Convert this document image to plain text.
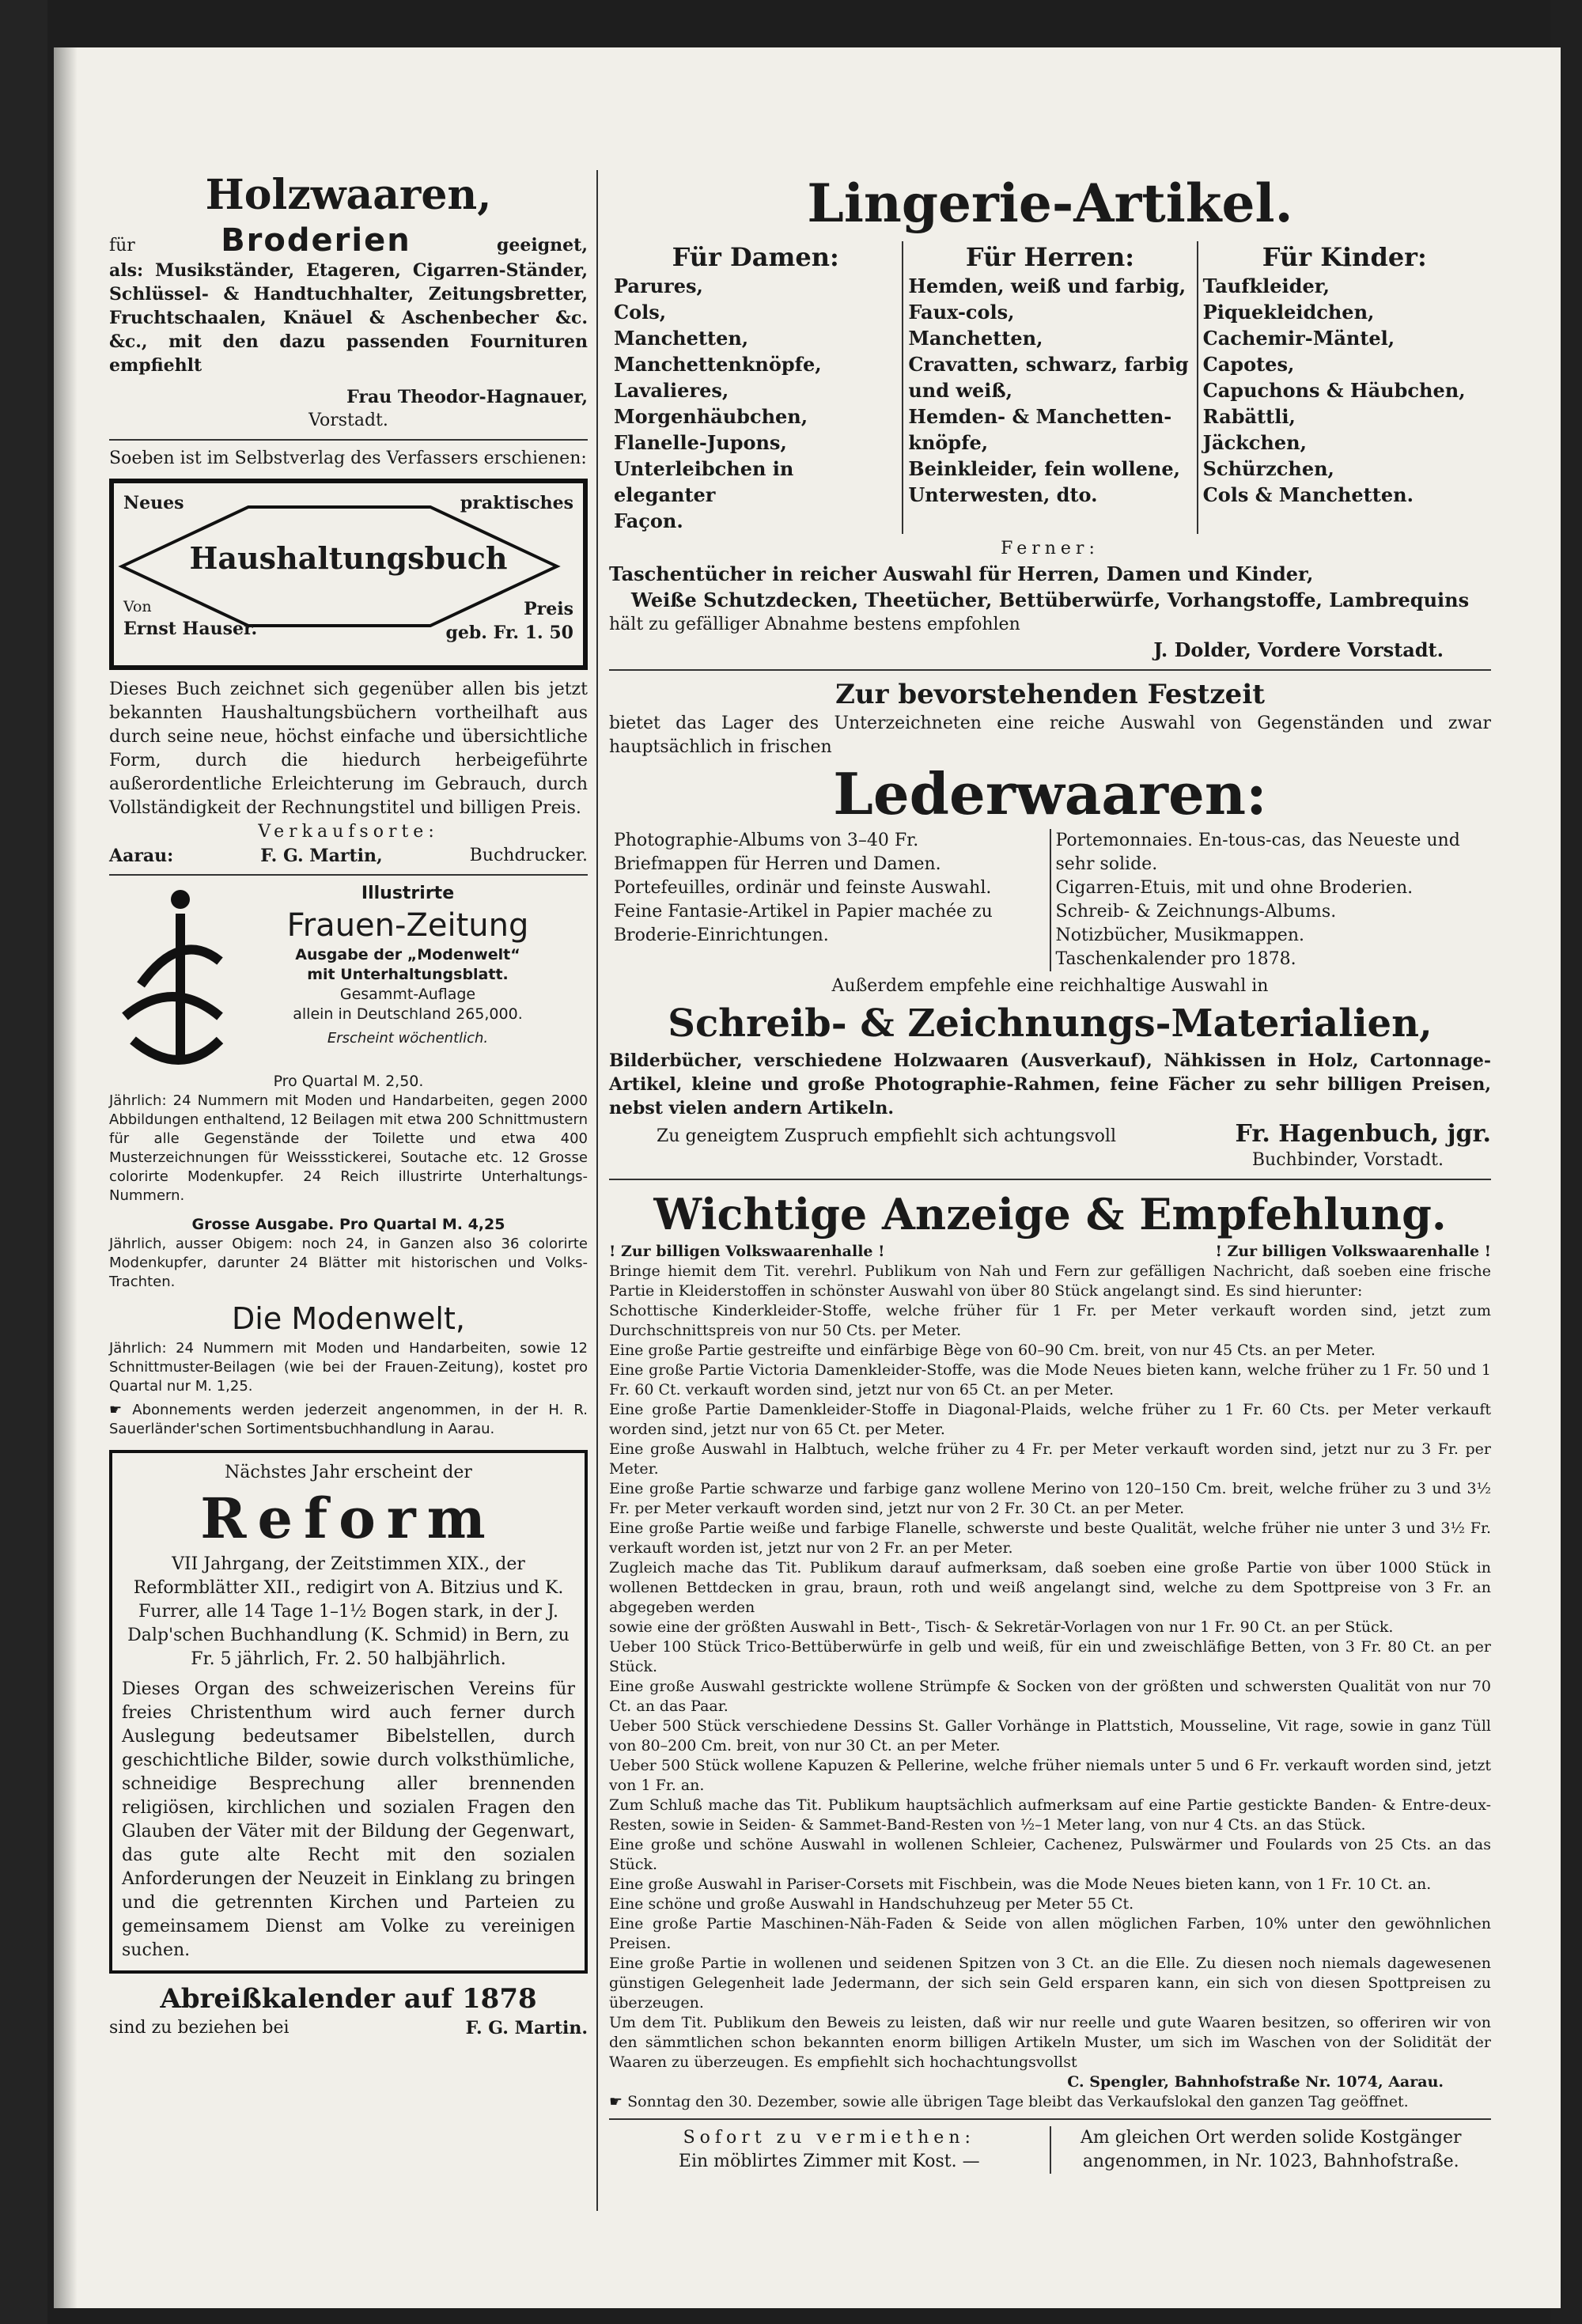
Holzwaaren,

für	Broderien	geeignet,

als: Musikständer, Etageren, Cigarren-Ständer, Schlüssel- & Handtuchhalter, Zeitungsbretter, Fruchtschaalen, Knäuel & Aschenbecher &c. &c., mit den dazu passenden Fournituren empfiehlt

Frau Theodor-Hagnauer,

Vorstadt.

Soeben ist im Selbstverlag des Verfassers erschienen:

Neues	praktisches

Haushaltungsbuch

Von

Ernst Hauser.

Preis

geb. Fr. 1. 50

Dieses Buch zeichnet sich gegenüber allen bis jetzt bekannten Haushaltungsbüchern vortheilhaft aus durch seine neue, höchst einfache und übersichtliche Form, durch die hiedurch herbeigeführte außerordentliche Erleichterung im Gebrauch, durch Vollständigkeit der Rechnungstitel und billigen Preis.

Verkaufsorte:

Aarau:	F. G. Martin,	Buchdrucker.

Illustrirte

Frauen-Zeitung

Ausgabe der „Modenwelt“

mit Unterhaltungsblatt.

Gesammt-Auflage

allein in Deutschland 265,000.

Erscheint wöchentlich.

Pro Quartal M. 2,50.

Jährlich: 24 Nummern mit Moden und Handarbeiten, gegen 2000 Abbildungen enthaltend, 12 Beilagen mit etwa 200 Schnittmustern für alle Gegenstände der Toilette und etwa 400 Musterzeichnungen für Weissstickerei, Soutache etc. 12 Grosse colorirte Modenkupfer. 24 Reich illustrirte Unterhaltungs-Nummern.

Grosse Ausgabe. Pro Quartal M. 4,25

Jährlich, ausser Obigem: noch 24, in Ganzen also 36 colorirte Modenkupfer, darunter 24 Blätter mit historischen und Volks-Trachten.

Die Modenwelt,

Jährlich: 24 Nummern mit Moden und Handarbeiten, sowie 12 Schnittmuster-Beilagen (wie bei der Frauen-Zeitung), kostet pro Quartal nur M. 1,25.

☛ Abonnements werden jederzeit angenommen, in der H. R. Sauerländer'schen Sortimentsbuchhandlung in Aarau.

Nächstes Jahr erscheint der

Reform

VII Jahrgang, der Zeitstimmen XIX., der Reformblätter XII., redigirt von A. Bitzius und K. Furrer, alle 14 Tage 1–1½ Bogen stark, in der J. Dalp'schen Buchhandlung (K. Schmid) in Bern, zu Fr. 5 jährlich, Fr. 2. 50 halbjährlich.

Dieses Organ des schweizerischen Vereins für freies Christenthum wird auch ferner durch Auslegung bedeutsamer Bibelstellen, durch geschichtliche Bilder, sowie durch volksthümliche, schneidige Besprechung aller brennenden religiösen, kirchlichen und sozialen Fragen den Glauben der Väter mit der Bildung der Gegenwart, das gute alte Recht mit den sozialen Anforderungen der Neuzeit in Einklang zu bringen und die getrennten Kirchen und Parteien zu gemeinsamem Dienst am Volke zu vereinigen suchen.

Abreißkalender auf 1878

sind zu beziehen bei	F. G. Martin.

Lingerie-Artikel.

Für Damen:

Parures,

Cols,

Manchetten,

Manchettenknöpfe,

Lavalieres,

Morgenhäubchen,

Flanelle-Jupons,

Unterleibchen in eleganter

Façon.

Für Herren:

Hemden, weiß und farbig,

Faux-cols,

Manchetten,

Cravatten, schwarz, farbig

und weiß,

Hemden- & Manchetten-

knöpfe,

Beinkleider, fein wollene,

Unterwesten, dto.

Für Kinder:

Taufkleider,

Piquekleidchen,

Cachemir-Mäntel,

Capotes,

Capuchons & Häubchen,

Rabättli,

Jäckchen,

Schürzchen,

Cols & Manchetten.

Ferner:

Taschentücher in reicher Auswahl für Herren, Damen und Kinder,

Weiße Schutzdecken, Theetücher, Bettüberwürfe, Vorhangstoffe, Lambrequins

hält zu gefälliger Abnahme bestens empfohlen

J. Dolder, Vordere Vorstadt.

Zur bevorstehenden Festzeit

bietet das Lager des Unterzeichneten eine reiche Auswahl von Gegenständen und zwar hauptsächlich in frischen

Lederwaaren:

Photographie-Albums von 3–40 Fr.

Briefmappen für Herren und Damen.

Portefeuilles, ordinär und feinste Auswahl.

Feine Fantasie-Artikel in Papier machée zu Broderie-Einrichtungen.

Portemonnaies. En-tous-cas, das Neueste und sehr solide.

Cigarren-Etuis, mit und ohne Broderien.

Schreib- & Zeichnungs-Albums.

Notizbücher, Musikmappen.

Taschenkalender pro 1878.

Außerdem empfehle eine reichhaltige Auswahl in

Schreib- & Zeichnungs-Materialien,

Bilderbücher, verschiedene Holzwaaren (Ausverkauf), Nähkissen in Holz, Cartonnage-Artikel, kleine und große Photographie-Rahmen, feine Fächer zu sehr billigen Preisen, nebst vielen andern Artikeln.

Zu geneigtem Zuspruch empfiehlt sich achtungsvoll	Fr. Hagenbuch, jgr.

Buchbinder, Vorstadt.

Wichtige Anzeige & Empfehlung.

! Zur billigen Volkswaarenhalle !	! Zur billigen Volkswaarenhalle !

Bringe hiemit dem Tit. verehrl. Publikum von Nah und Fern zur gefälligen Nachricht, daß soeben eine frische Partie in Kleiderstoffen in schönster Auswahl von über 80 Stück angelangt sind. Es sind hierunter:

Schottische Kinderkleider-Stoffe, welche früher für 1 Fr. per Meter verkauft worden sind, jetzt zum Durchschnittspreis von nur 50 Cts. per Meter.

Eine große Partie gestreifte und einfärbige Bège von 60–90 Cm. breit, von nur 45 Cts. an per Meter.

Eine große Partie Victoria Damenkleider-Stoffe, was die Mode Neues bieten kann, welche früher zu 1 Fr. 50 und 1 Fr. 60 Ct. verkauft worden sind, jetzt nur von 65 Ct. an per Meter.

Eine große Partie Damenkleider-Stoffe in Diagonal-Plaids, welche früher zu 1 Fr. 60 Cts. per Meter verkauft worden sind, jetzt nur von 65 Ct. per Meter.

Eine große Auswahl in Halbtuch, welche früher zu 4 Fr. per Meter verkauft worden sind, jetzt nur zu 3 Fr. per Meter.

Eine große Partie schwarze und farbige ganz wollene Merino von 120–150 Cm. breit, welche früher zu 3 und 3½ Fr. per Meter verkauft worden sind, jetzt nur von 2 Fr. 30 Ct. an per Meter.

Eine große Partie weiße und farbige Flanelle, schwerste und beste Qualität, welche früher nie unter 3 und 3½ Fr. verkauft worden ist, jetzt nur von 2 Fr. an per Meter.

Zugleich mache das Tit. Publikum darauf aufmerksam, daß soeben eine große Partie von über 1000 Stück in wollenen Bettdecken in grau, braun, roth und weiß angelangt sind, welche zu dem Spottpreise von 3 Fr. an abgegeben werden

sowie eine der größten Auswahl in Bett-, Tisch- & Sekretär-Vorlagen von nur 1 Fr. 90 Ct. an per Stück.

Ueber 100 Stück Trico-Bettüberwürfe in gelb und weiß, für ein und zweischläfige Betten, von 3 Fr. 80 Ct. an per Stück.

Eine große Auswahl gestrickte wollene Strümpfe & Socken von der größten und schwersten Qualität von nur 70 Ct. an das Paar.

Ueber 500 Stück verschiedene Dessins St. Galler Vorhänge in Plattstich, Mousseline, Vit rage, sowie in ganz Tüll von 80–200 Cm. breit, von nur 30 Ct. an per Meter.

Ueber 500 Stück wollene Kapuzen & Pellerine, welche früher niemals unter 5 und 6 Fr. verkauft worden sind, jetzt von 1 Fr. an.

Zum Schluß mache das Tit. Publikum hauptsächlich aufmerksam auf eine Partie gestickte Banden- & Entre-deux-Resten, sowie in Seiden- & Sammet-Band-Resten von ½–1 Meter lang, von nur 4 Cts. an das Stück.

Eine große und schöne Auswahl in wollenen Schleier, Cachenez, Pulswärmer und Foulards von 25 Cts. an das Stück.

Eine große Auswahl in Pariser-Corsets mit Fischbein, was die Mode Neues bieten kann, von 1 Fr. 10 Ct. an.

Eine schöne und große Auswahl in Handschuhzeug per Meter 55 Ct.

Eine große Partie Maschinen-Näh-Faden & Seide von allen möglichen Farben, 10% unter den gewöhnlichen Preisen.

Eine große Partie in wollenen und seidenen Spitzen von 3 Ct. an die Elle. Zu diesen noch niemals dagewesenen günstigen Gelegenheit lade Jedermann, der sich sein Geld ersparen kann, ein sich von diesen Spottpreisen zu überzeugen.

Um dem Tit. Publikum den Beweis zu leisten, daß wir nur reelle und gute Waaren besitzen, so offeriren wir von den sämmtlichen schon bekannten enorm billigen Artikeln Muster, um sich im Waschen von der Solidität der Waaren zu überzeugen. Es empfiehlt sich hochachtungsvollst

C. Spengler, Bahnhofstraße Nr. 1074, Aarau.

☛ Sonntag den 30. Dezember, sowie alle übrigen Tage bleibt das Verkaufslokal den ganzen Tag geöffnet.

Sofort zu vermiethen:

Ein möblirtes Zimmer mit Kost. —

Am gleichen Ort werden solide Kostgänger

angenommen, in Nr. 1023, Bahnhofstraße.
